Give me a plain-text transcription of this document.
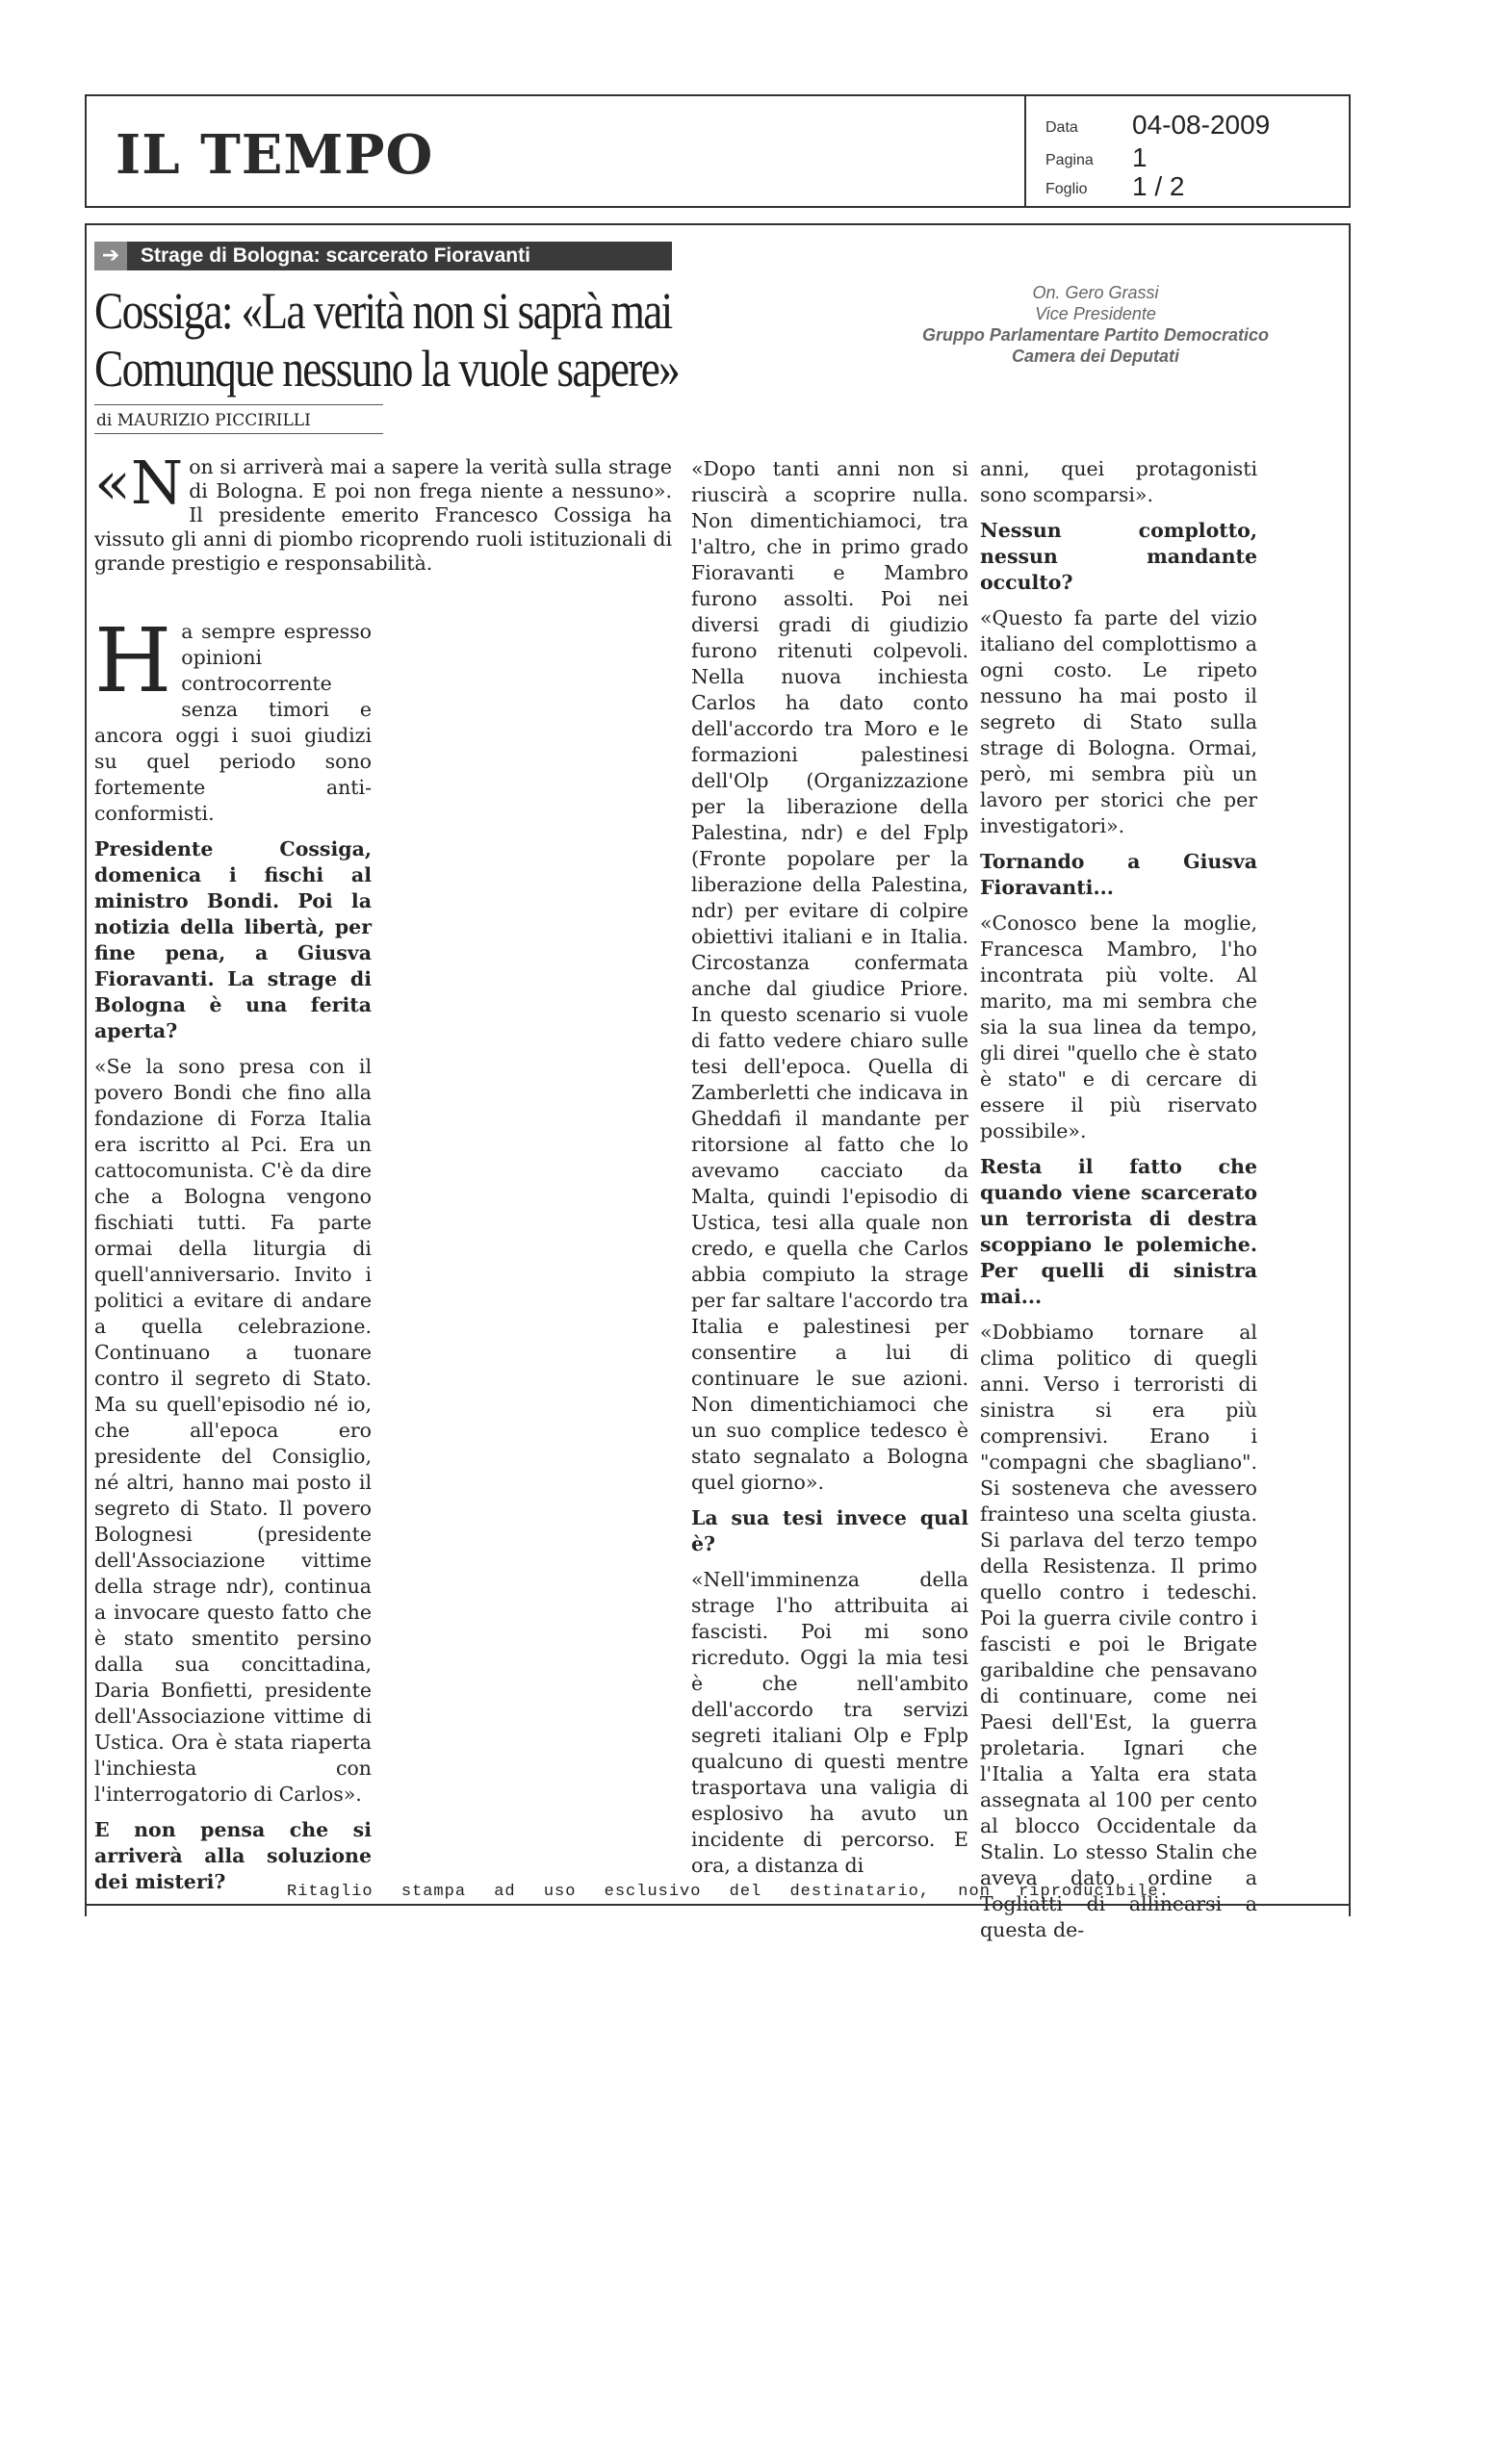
IL TEMPO	Data	04-08-2009
Pagina	1
Foglio	1 / 2
➔	Strage di Bologna: scarcerato Fioravanti
Cossiga: «La verità non si saprà mai
Comunque nessuno la vuole sapere»
On. Gero Grassi
Vice Presidente
Gruppo Parlamentare Partito Democratico
Camera dei Deputati
di MAURIZIO PICCIRILLI
«N on si arriverà mai a sapere la verità sulla strage di Bologna. E poi non frega niente a nessuno». Il presidente emerito Francesco Cossiga ha vissuto gli anni di piombo ricoprendo ruoli istituzionali di grande prestigio e responsabilità.

H a sempre espresso opinioni controcorrente senza timori e ancora oggi i suoi giudizi su quel periodo sono fortemente anti-conformisti.

Presidente Cossiga, domenica i fischi al ministro Bondi. Poi la notizia della libertà, per fine pena, a Giusva Fioravanti. La strage di Bologna è una ferita aperta?

«Se la sono presa con il povero Bondi che fino alla fondazione di Forza Italia era iscritto al Pci. Era un cattocomunista. C'è da dire che a Bologna vengono fischiati tutti. Fa parte ormai della liturgia di quell'anniversario. Invito i politici a evitare di andare a quella celebrazione. Continuano a tuonare contro il segreto di Stato. Ma su quell'episodio né io, che all'epoca ero presidente del Consiglio, né altri, hanno mai posto il segreto di Stato. Il povero Bolognesi (presidente dell'Associazione vittime della strage ndr), continua a invocare questo fatto che è stato smentito persino dalla sua concittadina, Daria Bonfietti, presidente dell'Associazione vittime di Ustica. Ora è stata riaperta l'inchiesta con l'interrogatorio di Carlos».

E non pensa che si arriverà alla soluzione dei misteri?

«Dopo tanti anni non si riuscirà a scoprire nulla. Non dimentichiamoci, tra l'altro, che in primo grado Fioravanti e Mambro furono assolti. Poi nei diversi gradi di giudizio furono ritenuti colpevoli. Nella nuova inchiesta Carlos ha dato conto dell'accordo tra Moro e le formazioni palestinesi dell'Olp (Organizzazione per la liberazione della Palestina, ndr) e del Fplp (Fronte popolare per la liberazione della Palestina, ndr) per evitare di colpire obiettivi italiani e in Italia. Circostanza confermata anche dal giudice Priore. In questo scenario si vuole di fatto vedere chiaro sulle tesi dell'epoca. Quella di Zamberletti che indicava in Gheddafi il mandante per ritorsione al fatto che lo avevamo cacciato da Malta, quindi l'episodio di Ustica, tesi alla quale non credo, e quella che Carlos abbia compiuto la strage per far saltare l'accordo tra Italia e palestinesi per consentire a lui di continuare le sue azioni. Non dimentichiamoci che un suo complice tedesco è stato segnalato a Bologna quel giorno».

La sua tesi invece qual è?

«Nell'imminenza della strage l'ho attribuita ai fascisti. Poi mi sono ricreduto. Oggi la mia tesi è che nell'ambito dell'accordo tra servizi segreti italiani Olp e Fplp qualcuno di questi mentre trasportava una valigia di esplosivo ha avuto un incidente di percorso. E ora, a distanza di

anni, quei protagonisti sono scomparsi».

Nessun complotto, nessun mandante occulto?

«Questo fa parte del vizio italiano del complottismo a ogni costo. Le ripeto nessuno ha mai posto il segreto di Stato sulla strage di Bologna. Ormai, però, mi sembra più un lavoro per storici che per investigatori».

Tornando a Giusva Fioravanti...

«Conosco bene la moglie, Francesca Mambro, l'ho incontrata più volte. Al marito, ma mi sembra che sia la sua linea da tempo, gli direi "quello che è stato è stato" e di cercare di essere il più riservato possibile».

Resta il fatto che quando viene scarcerato un terrorista di destra scoppiano le polemiche. Per quelli di sinistra mai...

«Dobbiamo tornare al clima politico di quegli anni. Verso i terroristi di sinistra si era più comprensivi. Erano i "compagni che sbagliano". Si sosteneva che avessero frainteso una scelta giusta. Si parlava del terzo tempo della Resistenza. Il primo quello contro i tedeschi. Poi la guerra civile contro i fascisti e poi le Brigate garibaldine che pensavano di continuare, come nei Paesi dell'Est, la guerra proletaria. Ignari che l'Italia a Yalta era stata assegnata al 100 per cento al blocco Occidentale da Stalin. Lo stesso Stalin che aveva dato ordine a Togliatti di allinearsi a questa de-

Ritaglio stampa ad uso esclusivo del destinatario, non riproducibile.
